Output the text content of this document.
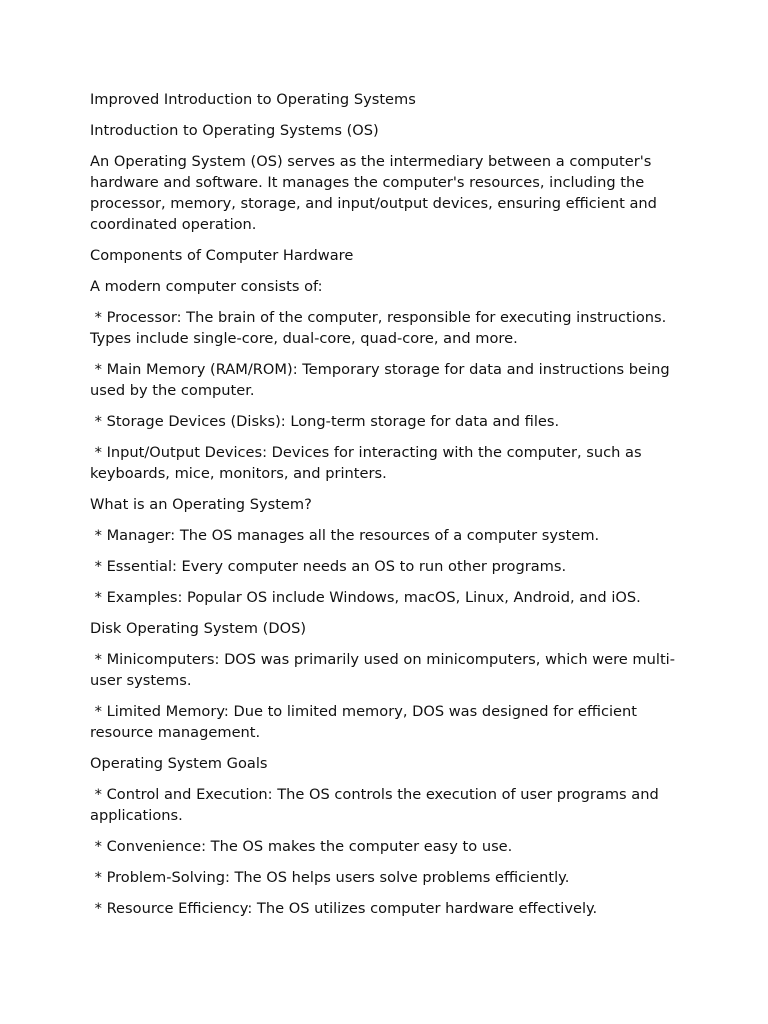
Improved Introduction to Operating Systems

Introduction to Operating Systems (OS)

An Operating System (OS) serves as the intermediary between a computer's hardware and software. It manages the computer's resources, including the processor, memory, storage, and input/output devices, ensuring efficient and coordinated operation.

Components of Computer Hardware

A modern computer consists of:

* Processor: The brain of the computer, responsible for executing instructions. Types include single-core, dual-core, quad-core, and more.

* Main Memory (RAM/ROM): Temporary storage for data and instructions being used by the computer.

* Storage Devices (Disks): Long-term storage for data and files.

* Input/Output Devices: Devices for interacting with the computer, such as keyboards, mice, monitors, and printers.

What is an Operating System?

* Manager: The OS manages all the resources of a computer system.

* Essential: Every computer needs an OS to run other programs.

* Examples: Popular OS include Windows, macOS, Linux, Android, and iOS.

Disk Operating System (DOS)

* Minicomputers: DOS was primarily used on minicomputers, which were multi-user systems.

* Limited Memory: Due to limited memory, DOS was designed for efficient resource management.

Operating System Goals

* Control and Execution: The OS controls the execution of user programs and applications.

* Convenience: The OS makes the computer easy to use.

* Problem-Solving: The OS helps users solve problems efficiently.

* Resource Efficiency: The OS utilizes computer hardware effectively.
